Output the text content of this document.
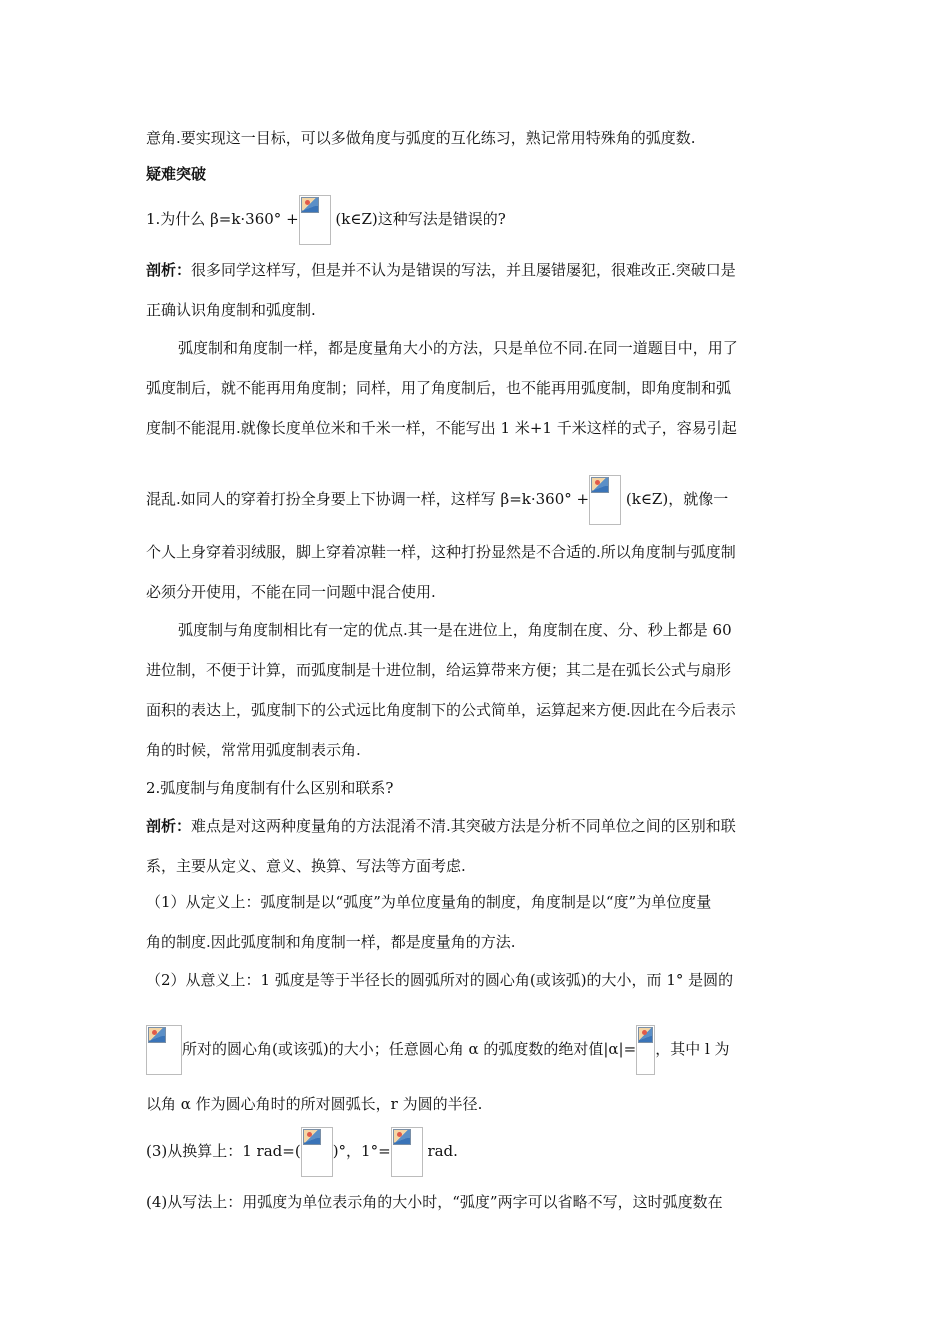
意角.要实现这一目标，可以多做角度与弧度的互化练习，熟记常用特殊角的弧度数.
疑难突破
1.为什么 β=k·360° +
(k∈Z)这种写法是错误的?
剖析：很多同学这样写，但是并不认为是错误的写法，并且屡错屡犯，很难改正.突破口是
正确认识角度制和弧度制.
弧度制和角度制一样，都是度量角大小的方法，只是单位不同.在同一道题目中，用了
弧度制后，就不能再用角度制；同样，用了角度制后，也不能再用弧度制，即角度制和弧
度制不能混用.就像长度单位米和千米一样，不能写出 1 米+1 千米这样的式子，容易引起
混乱.如同人的穿着打扮全身要上下协调一样，这样写 β=k·360° +
(k∈Z)，就像一
个人上身穿着羽绒服，脚上穿着凉鞋一样，这种打扮显然是不合适的.所以角度制与弧度制
必须分开使用，不能在同一问题中混合使用.
弧度制与角度制相比有一定的优点.其一是在进位上，角度制在度、分、秒上都是 60
进位制，不便于计算，而弧度制是十进位制，给运算带来方便；其二是在弧长公式与扇形
面积的表达上，弧度制下的公式远比角度制下的公式简单，运算起来方便.因此在今后表示
角的时候，常常用弧度制表示角.
2.弧度制与角度制有什么区别和联系?
剖析：难点是对这两种度量角的方法混淆不清.其突破方法是分析不同单位之间的区别和联
系，主要从定义、意义、换算、写法等方面考虑.
（1）从定义上：弧度制是以“弧度”为单位度量角的制度，角度制是以“度”为单位度量
角的制度.因此弧度制和角度制一样，都是度量角的方法.
（2）从意义上：1 弧度是等于半径长的圆弧所对的圆心角(或该弧)的大小，而 1° 是圆的
所对的圆心角(或该弧)的大小；任意圆心角 α 的弧度数的绝对值|α|= ，其中 l 为
以角 α 作为圆心角时的所对圆弧长，r 为圆的半径.
(3)从换算上：1 rad=( )°，1°=
rad.
(4)从写法上：用弧度为单位表示角的大小时，“弧度”两字可以省略不写，这时弧度数在
